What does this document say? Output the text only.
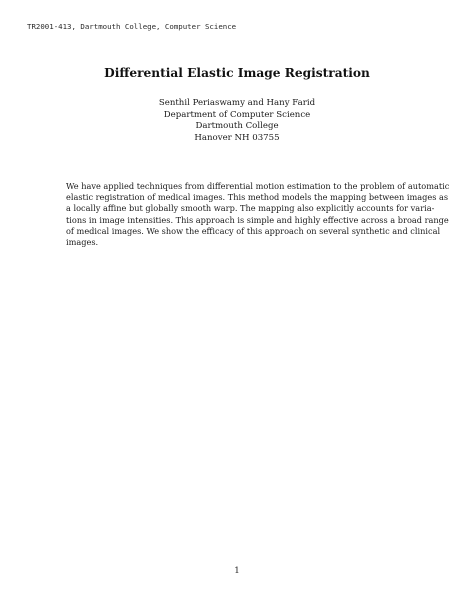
TR2001-413, Dartmouth College, Computer Science
Differential Elastic Image Registration
Senthil Periaswamy and Hany Farid
Department of Computer Science
Dartmouth College
Hanover NH 03755
We have applied techniques from differential motion estimation to the problem of automatic
elastic registration of medical images. This method models the mapping between images as
a locally affine but globally smooth warp. The mapping also explicitly accounts for varia-
tions in image intensities. This approach is simple and highly effective across a broad range
of medical images. We show the efficacy of this approach on several synthetic and clinical
images.
1
